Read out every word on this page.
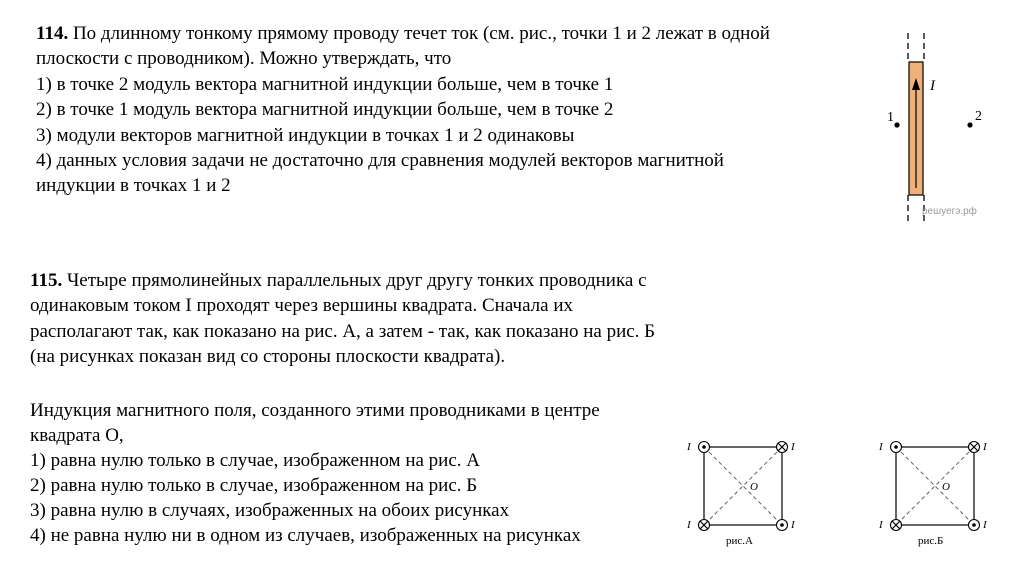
114. По длинному тонкому прямому проводу течет ток (см. рис., точки 1 и 2 лежат в одной
плоскости с проводником). Можно утверждать, что
1) в точке 2 модуль вектора магнитной индукции больше, чем в точке 1
2) в точке 1 модуль вектора магнитной индукции больше, чем в точке 2
3) модули векторов магнитной индукции в точках 1 и 2 одинаковы
4) данных условия задачи не достаточно для сравнения модулей векторов магнитной
индукции в точках 1 и 2
I
1	2
решуегэ.рф
115. Четыре прямолинейных параллельных друг другу тонких проводника с
одинаковым током I проходят через вершины квадрата. Сначала их
располагают так, как показано на рис. А, а затем - так, как показано на рис. Б
(на рисунках показан вид со стороны плоскости квадрата).
Индукция магнитного поля, созданного этими проводниками в центре
квадрата О,
1) равна нулю только в случае, изображенном на рис. А
2) равна нулю только в случае, изображенном на рис. Б
3) равна нулю в случаях, изображенных на обоих рисунках
4) не равна нулю ни в одном из случаев, изображенных на рисунках
O
I	I
I	I
рис.А
O
I	I
I	I
рис.Б
